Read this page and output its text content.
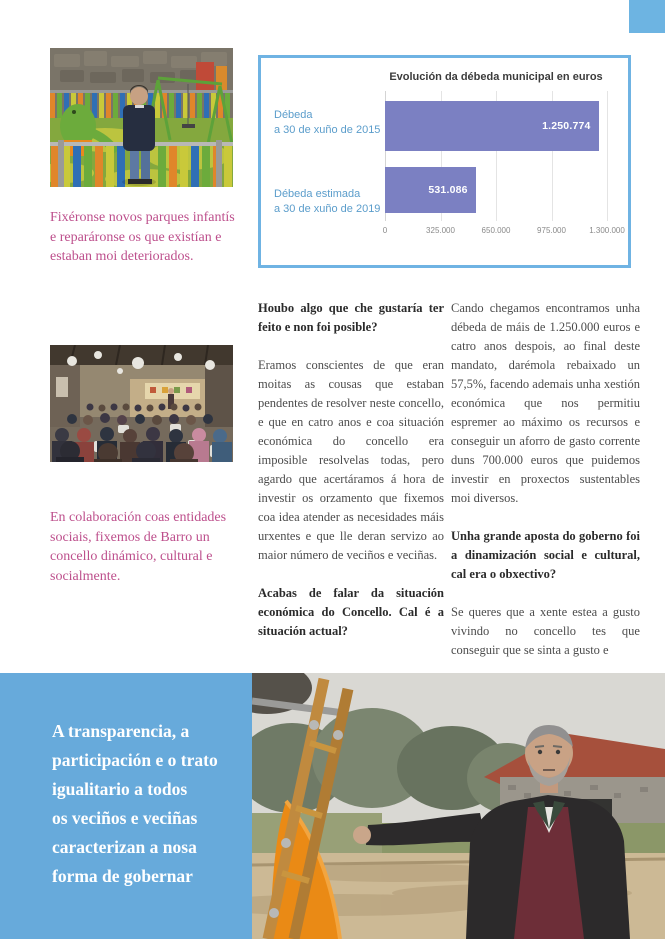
Fixéronse novos parques infantís e reparáronse os que existían e estaban moi deteriorados.

Evolución da débeda municipal en euros
Débeda
a 30 de xuño de 2015
Débeda estimada
a 30 de xuño de 2019
1.250.774
531.086
0	325.000	650.000	975.000	1.300.000

Houbo algo que che gustaría ter feito e non foi posible?

Eramos conscientes de que eran moitas as cousas que estaban pendentes de resolver neste concello, e que en catro anos e coa situación económica do concello era imposible resolvelas todas, pero agardo que acertáramos á hora de investir os orzamento que fixemos coa idea atender as necesidades máis urxentes e que lle deran servizo ao maior número de veciños e veciñas.

Acabas de falar da situación económica do Concello. Cal é a situación actual?

Cando chegamos encontramos unha débeda de máis de 1.250.000 euros e catro anos despois, ao final deste mandato, darémola rebaixado un 57,5%, facendo ademais unha xestión económica que nos permitiu espremer ao máximo os recursos e conseguir un aforro de gasto corrente duns 700.000 euros que puidemos investir en proxectos sustentables moi diversos.

Unha grande aposta do goberno foi a dinamización social e cultural, cal era o obxectivo?

Se queres que a xente estea a gusto vivindo no concello tes que conseguir que se sinta a gusto e

En colaboración coas entidades sociais, fixemos de Barro un concello dinámico, cultural e socialmente.

A transparencia, a
participación e o trato
igualitario a todos
os veciños e veciñas
caracterizan a nosa
forma de gobernar
